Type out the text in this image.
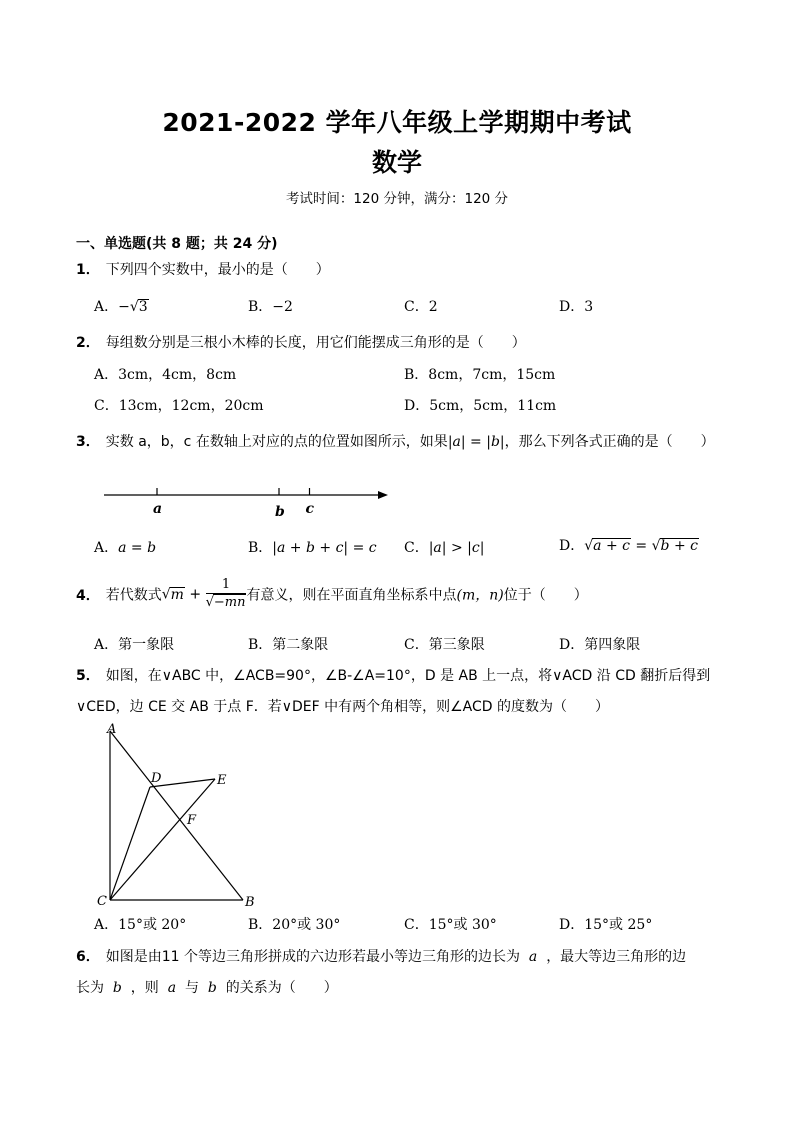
2021-2022 学年八年级上学期期中考试
数学
考试时间：120 分钟，满分：120 分
一、单选题(共 8 题；共 24 分)
1． 下列四个实数中，最小的是（　　）
A．−√3	B．−2	C．2	D．3
2． 每组数分别是三根小木棒的长度，用它们能摆成三角形的是（　　）
A．3cm，4cm，8cm	B．8cm，7cm，15cm
C．13cm，12cm，20cm	D．5cm，5cm，11cm
3． 实数 a，b，c 在数轴上对应的点的位置如图所示，如果|a| = |b|，那么下列各式正确的是（　　）
a	b c
A．a = b	B．|a + b + c| = c C．|a| > |c|	D．√a + c = √b + c
4． 若代数式$√m + \frac{1}{√-mn}$ 有意义，则在平面直角坐标系中点(m，n)位于（　　）
A．第一象限	B．第二象限	C．第三象限	D．第四象限
5． 如图，在∨ABC 中，∠ACB=90°，∠B-∠A=10°，D 是 AB 上一点，将∨ACD 沿 CD 翻折后得到
∨CED，边 CE 交 AB 于点 F．若∨DEF 中有两个角相等，则∠ACD 的度数为（　　）
A
D	E
F
C	B
A．15°或 20°	B．20°或 30°	C．15°或 30°	D．15°或 25°
6． 如图是由11 个等边三角形拼成的六边形若最小等边三角形的边长为 a ，最大等边三角形的边
长为 b ，则 a 与 b 的关系为（　　）
